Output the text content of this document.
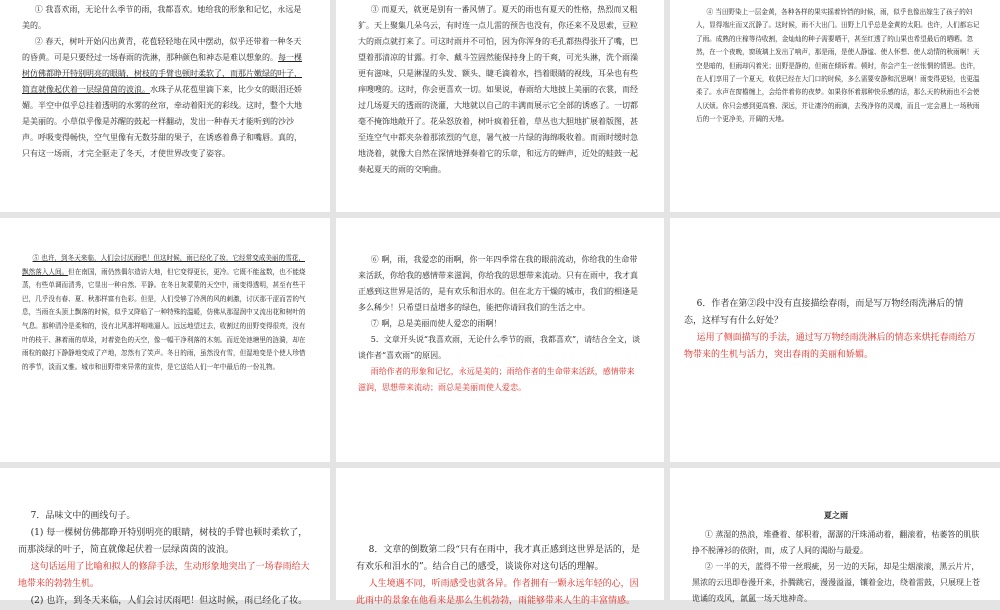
① 我喜欢雨，无论什么季节的雨，我都喜欢。她给我的形象和记忆，永远是美的。

② 春天，树叶开始闪出黄青，花苞轻轻地在风中摆动，似乎还带着一种冬天的昏黄。可是只要经过一场春雨的洗淋，那种颜色和神态是难以想象的。每一棵树仿佛都睁开特别明亮的眼睛，树枝的手臂也顿时柔软了，而那片嫩绿的叶子，简直就像起伏着一层绿茵茵的波浪。水珠子从花苞里滴下来，比少女的眼泪还娇媚。半空中似乎总挂着透明的水雾的丝帘，牵动着阳光的彩线。这时，整个大地是美丽的。小草似乎像是苏醒的鼓起一样翻动，发出一种春天才能听到的沙沙声。呼吸变得畅快，空气里像有无数芬甜的果子，在诱惑着鼻子和嘴唇。真的，只有这一场雨，才完全驱走了冬天，才使世界改变了姿容。

③ 而夏天，就更是别有一番风情了。夏天的雨也有夏天的性格，热烈而又粗犷。天上聚集几朵乌云，有时连一点儿雷的预告也没有，你还来不及思索，豆粒大的雨点就打来了。可这时雨并不可怕，因为你浑身的毛孔都热得张开了嘴，巴望着那清凉的甘露。打伞、戴斗笠固然能保持身上的干爽，可光头淋，洗个雨澡更有滋味，只是淋湿的头发、额头、睫毛滴着水，挡着眼睛的视线，耳朵也有些痒嗖嗖的。这时，你会更喜欢一切。如果说，春雨给大地披上美丽的衣裳，而经过几场夏天的透雨的浇灌，大地就以自己的丰满而展示它全部的诱惑了。一切都毫不掩饰地敞开了。花朵怒放着，树叶疯着狂着，草丛也大胆地扩展着版图，甚至连空气中都夹杂着那浓烈的气息，暑气被一片绿的海绵吸收着。而雨时缓时急地浇着，就像大自然在深情地弹奏着它的乐章，和远方的蝉声，近处的蛙鼓一起奏起夏天的雨的交响曲。

④ 当田野染上一层金黄，各种各样的果实摇着铃铛的时候，雨，似乎也像出嫁生了孩子的妇人，显得端庄而又沉静了。这时候，雨不大出门。田野上几乎总是金黄的太阳。也许，人们都忘记了雨。成熟的庄稼等待收割，金灿灿的种子需要晒干，甚至红透了的山果也希望最后的晒晒。忽然，在一个夜晚，窗玻璃上发出了响声，那是雨，是使人静谧、使人怀想、使人动情的秋雨啊！天空是暗的，但雨却闪着光；田野是静的，但雨在倾诉着。顿时，你会产生一丝怅惘的情思。也许，在人们享用了一个夏天，收获已经在大门口的时候，多么需要安静和沉思啊！雨变得更轻，也更温柔了。水声在窗檐缠上，会给伴着你的夜梦。如果你怀着那种快乐感的话，那么天的秋雨也不会使人厌烦。你只会感到更高雅、深远，并让凄冷的雨滴，去残净你的灵魂，而且一定会遇上一场秋雨后的一个更净美，开阔的天地。

⑤ 也许，到冬天来临，人们会讨厌雨吧！但这时候，雨已经化了妆，它经常变成美丽的雪花，飘然落入人间。但在南国，雨仍然偶尔造访大地，但它变得更长，更冷。它既不能盆数，也不能烧蒸，有些单调而清秀，它显出一种自然、平静。在冬日灰蒙蒙的天空中，雨变得透明，甚至有些干巴，几乎没有春、夏、秋那样富有色彩。但是，人们受够了冷冽的风的刺激，讨厌那干涩而苦的气息，当雨在头顶上飘落的时候，似乎又降临了一种特殊的温暖，仿佛从那湿润中又流出花和树叶的气息。那种清冷是柔和的，没有北风那样咄咄逼人。远远地望过去，收割过的田野变得很亮，没有叶的枝干、淋着雨的草垛，对着瓷色的天空，像一幅干净利落的木刻。而近处池塘里的涟漪，却在雨粒的敲打下静静地变成了产地，忽然有了笑声。冬日的雨，虽然没有雪，但湿地变是个使人珍惜的季节，淡而又雅。城市和田野带来异常的宣传，是它送给人们一年中最后的一份礼物。

⑥ 啊，雨，我爱恋的雨啊，你一年四季常在我的眼前流动，你给我的生命带来活跃，你给我的感情带来滋润，你给我的思想带来流动。只有在雨中，我才真正感到这世界是活的，是有欢乐和泪水的。但在北方干燥的城市，我们的相逢是多么稀少！只希望日益增多的绿色，能把你请回我们的生活之中。

⑦ 啊，总是美丽而使人爱恋的雨啊！

5．文章开头说“我喜欢雨，无论什么季节的雨，我都喜欢”，请结合全文，谈谈作者“喜欢雨”的原因。

雨给作者的形象和记忆，永远是美的；雨给作者的生命带来活跃，感情带来滋润，思想带来流动；雨总是美丽而使人爱恋。

6．作者在第②段中没有直接描绘春雨，而是写万物经雨洗淋后的情态，这样写有什么好处？

运用了侧面描写的手法，通过写万物经雨洗淋后的情态来烘托春雨给万物带来的生机与活力，突出春雨的美丽和娇媚。

7．品味文中的画线句子。

(1) 每一棵树仿佛都睁开特别明亮的眼睛，树枝的手臂也顿时柔软了，而那淡绿的叶子，简直就像起伏着一层绿茵茵的波浪。

这句话运用了比喻和拟人的修辞手法，生动形象地突出了一场春雨给大地带来的勃勃生机。

(2) 也许，到冬天来临，人们会讨厌雨吧！但这时候，雨已经化了妆。

8．文章的倒数第二段“只有在雨中，我才真正感到这世界是活的，是有欢乐和泪水的”。结合自己的感受，谈谈你对这句话的理解。

人生境遇不同，听雨感受也就各异。作者拥有一颗永远年轻的心，因此雨中的景象在他看来是那么生机勃勃，雨能够带来人生的丰富情感。

夏之雨

① 蒸湿的热浪，堆叠着、郁积着，潺潺的汗珠涌动着，翻滚着，枯萎答的肌肤挣不脱薄衫的依附，而，成了人间的渴盼与最爱。

② 一半的天，蓝得不带一丝瑕疵，另一边的天际，却是尘烟滚滚，黑云片片，黑浓的云迅即卷漫开来，扑腾跳宕，漫漫溢溢，镶着金边，绕着雷鼓，只展现上苍诡谲的戏风，氤氲一场天地神奇。
